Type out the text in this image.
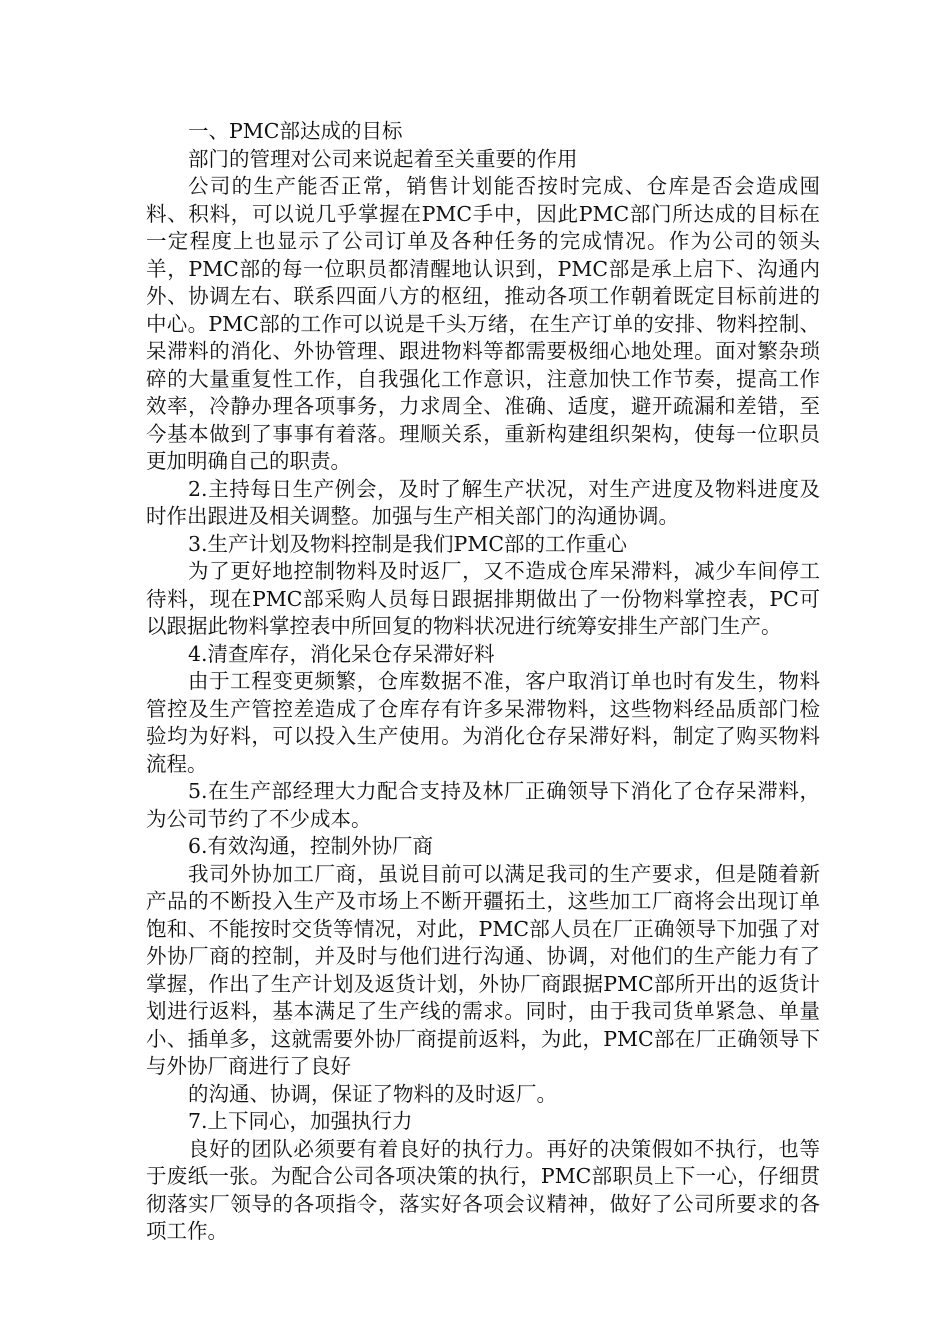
一、PMC部达成的目标

部门的管理对公司来说起着至关重要的作用

公司的生产能否正常，销售计划能否按时完成、仓库是否会造成囤料、积料，可以说几乎掌握在PMC手中，因此PMC部门所达成的目标在一定程度上也显示了公司订单及各种任务的完成情况。作为公司的领头羊，PMC部的每一位职员都清醒地认识到，PMC部是承上启下、沟通内外、协调左右、联系四面八方的枢纽，推动各项工作朝着既定目标前进的中心。PMC部的工作可以说是千头万绪，在生产订单的安排、物料控制、呆滞料的消化、外协管理、跟进物料等都需要极细心地处理。面对繁杂琐碎的大量重复性工作，自我强化工作意识，注意加快工作节奏，提高工作效率，冷静办理各项事务，力求周全、准确、适度，避开疏漏和差错，至今基本做到了事事有着落。理顺关系，重新构建组织架构，使每一位职员更加明确自己的职责。

2.主持每日生产例会，及时了解生产状况，对生产进度及物料进度及时作出跟进及相关调整。加强与生产相关部门的沟通协调。

3.生产计划及物料控制是我们PMC部的工作重心

为了更好地控制物料及时返厂，又不造成仓库呆滞料，减少车间停工待料，现在PMC部采购人员每日跟据排期做出了一份物料掌控表，PC可以跟据此物料掌控表中所回复的物料状况进行统筹安排生产部门生产。

4.清查库存，消化呆仓存呆滞好料

由于工程变更频繁，仓库数据不准，客户取消订单也时有发生，物料管控及生产管控差造成了仓库存有许多呆滞物料，这些物料经品质部门检验均为好料，可以投入生产使用。为消化仓存呆滞好料，制定了购买物料流程。

5.在生产部经理大力配合支持及林厂正确领导下消化了仓存呆滞料，为公司节约了不少成本。

6.有效沟通，控制外协厂商

我司外协加工厂商，虽说目前可以满足我司的生产要求，但是随着新产品的不断投入生产及市场上不断开疆拓土，这些加工厂商将会出现订单饱和、不能按时交货等情况，对此，PMC部人员在厂正确领导下加强了对外协厂商的控制，并及时与他们进行沟通、协调，对他们的生产能力有了掌握，作出了生产计划及返货计划，外协厂商跟据PMC部所开出的返货计划进行返料，基本满足了生产线的需求。同时，由于我司货单紧急、单量小、插单多，这就需要外协厂商提前返料，为此，PMC部在厂正确领导下与外协厂商进行了良好

的沟通、协调，保证了物料的及时返厂。

7.上下同心，加强执行力

良好的团队必须要有着良好的执行力。再好的决策假如不执行，也等于废纸一张。为配合公司各项决策的执行，PMC部职员上下一心，仔细贯彻落实厂领导的各项指令，落实好各项会议精神，做好了公司所要求的各项工作。
